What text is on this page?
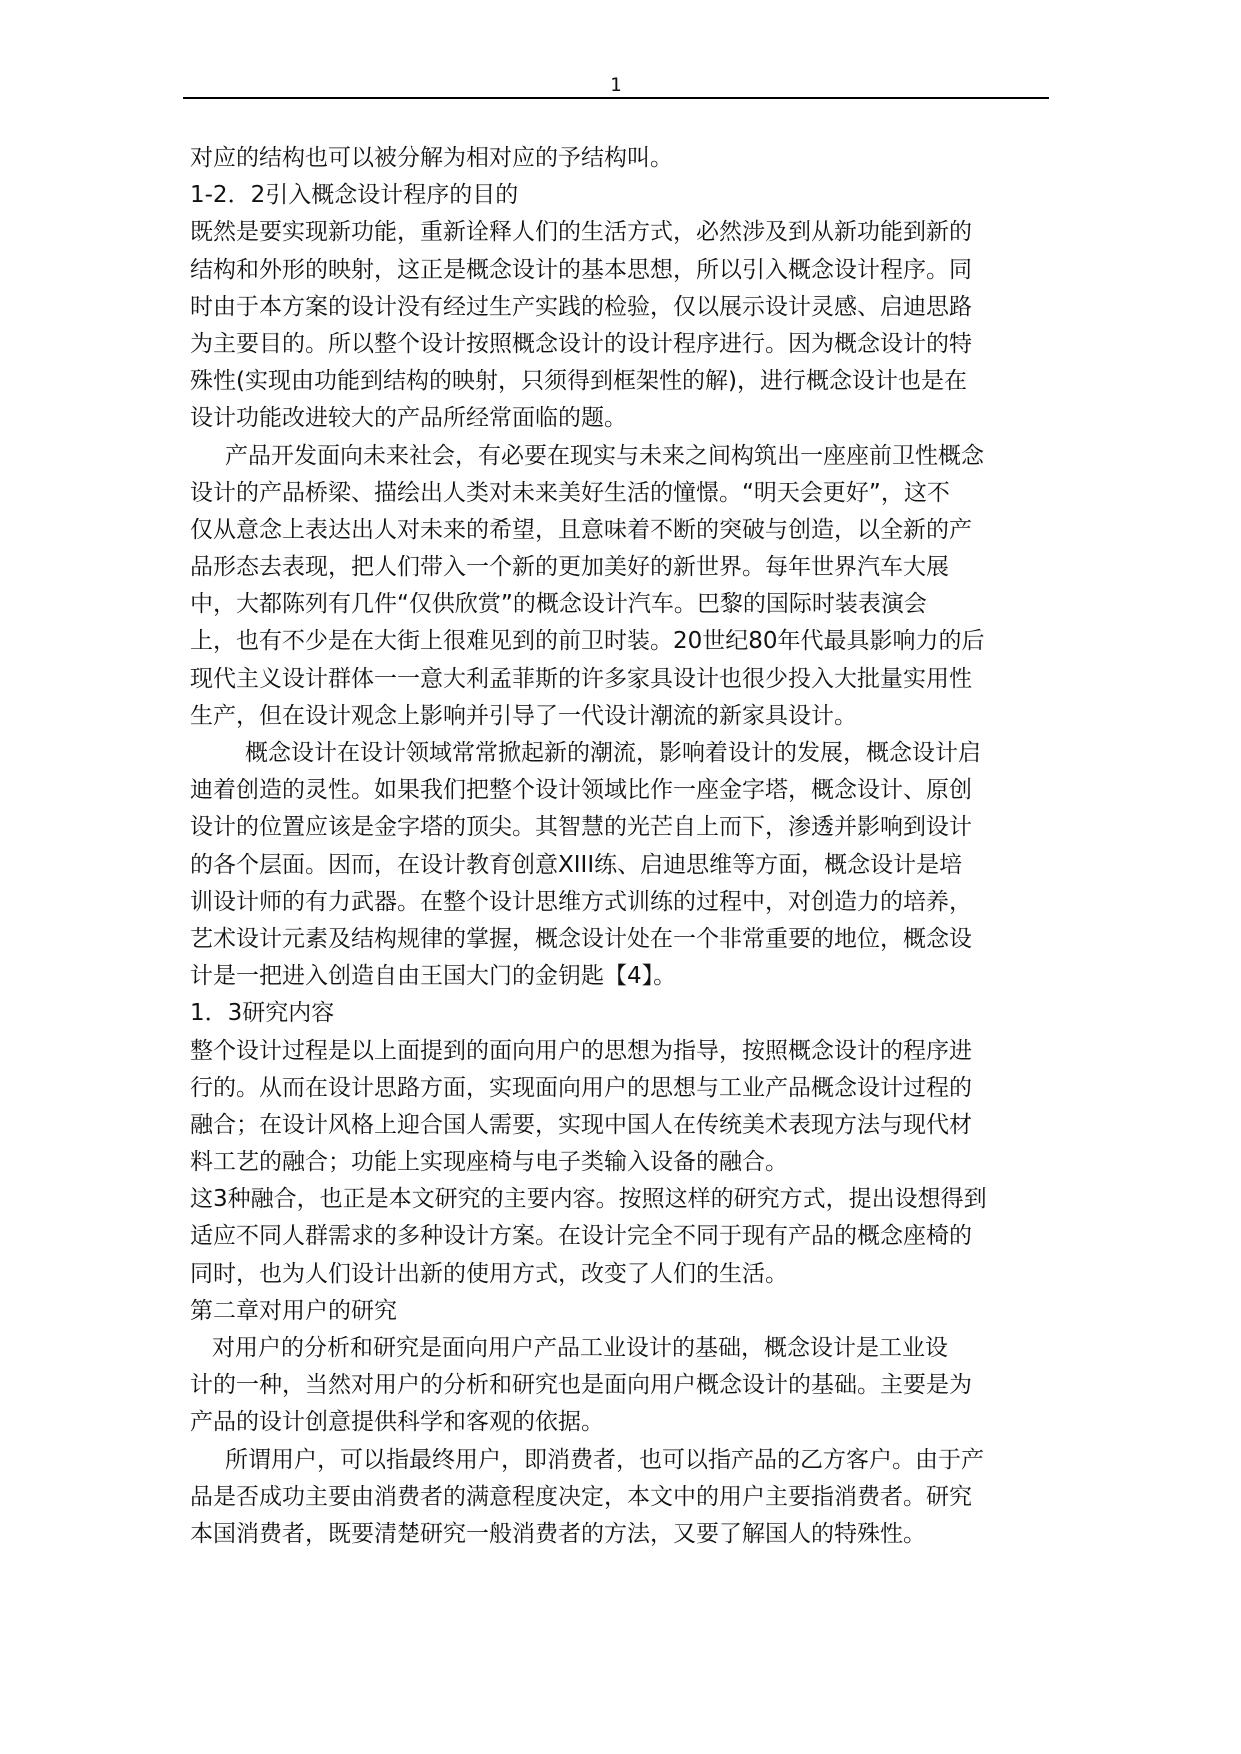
1
对应的结构也可以被分解为相对应的予结构叫。
1-2．2引入概念设计程序的目的
既然是要实现新功能，重新诠释人们的生活方式，必然涉及到从新功能到新的
结构和外形的映射，这正是概念设计的基本思想，所以引入概念设计程序。同
时由于本方案的设计没有经过生产实践的检验，仅以展示设计灵感、启迪思路
为主要目的。所以整个设计按照概念设计的设计程序进行。因为概念设计的特
殊性(实现由功能到结构的映射，只须得到框架性的解)，进行概念设计也是在
设计功能改进较大的产品所经常面临的题。
产品开发面向未来社会，有必要在现实与未来之间构筑出一座座前卫性概念
设计的产品桥梁、描绘出人类对未来美好生活的憧憬。“明天会更好”，这不
仅从意念上表达出人对未来的希望，且意味着不断的突破与创造，以全新的产
品形态去表现，把人们带入一个新的更加美好的新世界。每年世界汽车大展
中，大都陈列有几件“仅供欣赏”的概念设计汽车。巴黎的国际时装表演会
上，也有不少是在大街上很难见到的前卫时装。20世纪80年代最具影响力的后
现代主义设计群体一一意大利孟菲斯的许多家具设计也很少投入大批量实用性
生产，但在设计观念上影响并引导了一代设计潮流的新家具设计。
概念设计在设计领域常常掀起新的潮流，影响着设计的发展，概念设计启
迪着创造的灵性。如果我们把整个设计领域比作一座金字塔，概念设计、原创
设计的位置应该是金字塔的顶尖。其智慧的光芒自上而下，渗透并影响到设计
的各个层面。因而，在设计教育创意XIII练、启迪思维等方面，概念设计是培
训设计师的有力武器。在整个设计思维方式训练的过程中，对创造力的培养，
艺术设计元素及结构规律的掌握，概念设计处在一个非常重要的地位，概念设
计是一把进入创造自由王国大门的金钥匙【4】。
1．3研究内容
整个设计过程是以上面提到的面向用户的思想为指导，按照概念设计的程序进
行的。从而在设计思路方面，实现面向用户的思想与工业产品概念设计过程的
融合；在设计风格上迎合国人需要，实现中国人在传统美术表现方法与现代材
料工艺的融合；功能上实现座椅与电子类输入设备的融合。
这3种融合，也正是本文研究的主要内容。按照这样的研究方式，提出设想得到
适应不同人群需求的多种设计方案。在设计完全不同于现有产品的概念座椅的
同时，也为人们设计出新的使用方式，改变了人们的生活。
第二章对用户的研究
对用户的分析和研究是面向用户产品工业设计的基础，概念设计是工业设
计的一种，当然对用户的分析和研究也是面向用户概念设计的基础。主要是为
产品的设计创意提供科学和客观的依据。
所谓用户，可以指最终用户，即消费者，也可以指产品的乙方客户。由于产
品是否成功主要由消费者的满意程度决定，本文中的用户主要指消费者。研究
本国消费者，既要清楚研究一般消费者的方法，又要了解国人的特殊性。
